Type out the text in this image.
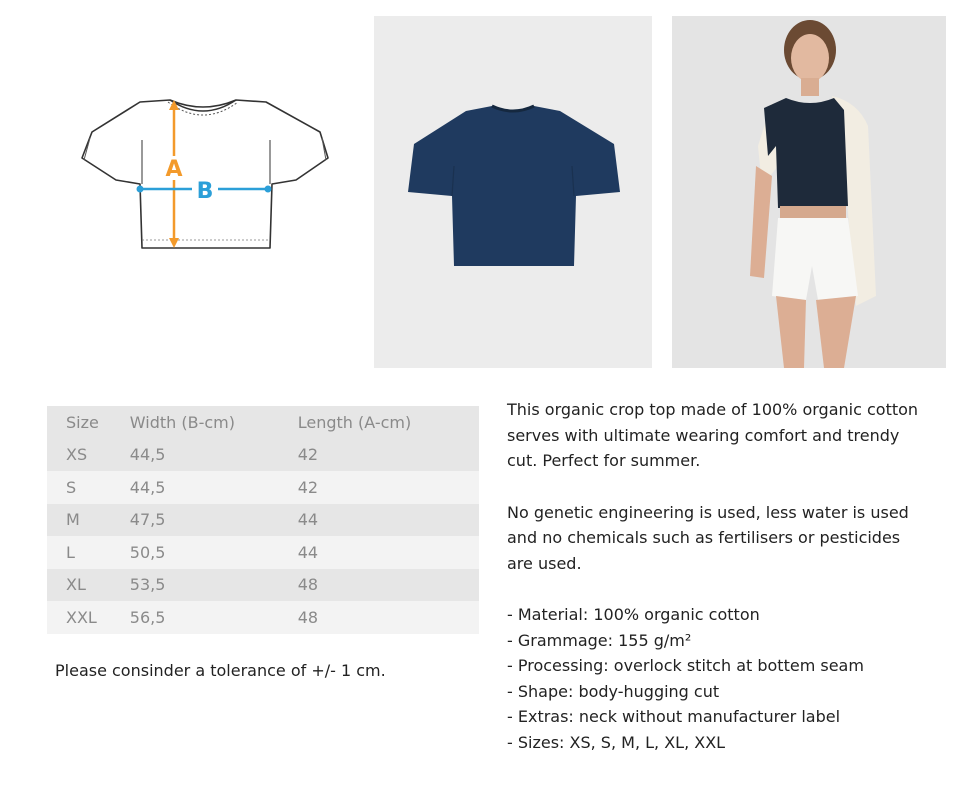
A
B
Size	Width (B-cm)	Length (A-cm)
XS	44,5	42
S	44,5	42
M	47,5	44
L	50,5	44
XL	53,5	48
XXL	56,5	48
Please consinder a tolerance of +/- 1 cm.

This organic crop top made of 100% organic cotton serves with ultimate wearing comfort and trendy cut. Perfect for summer.

No genetic engineering is used, less water is used and no chemicals such as fertilisers or pesticides are used.

- Material: 100% organic cotton
- Grammage: 155 g/m²
- Processing: overlock stitch at bottem seam
- Shape: body-hugging cut
- Extras: neck without manufacturer label
- Sizes: XS, S, M, L, XL, XXL
